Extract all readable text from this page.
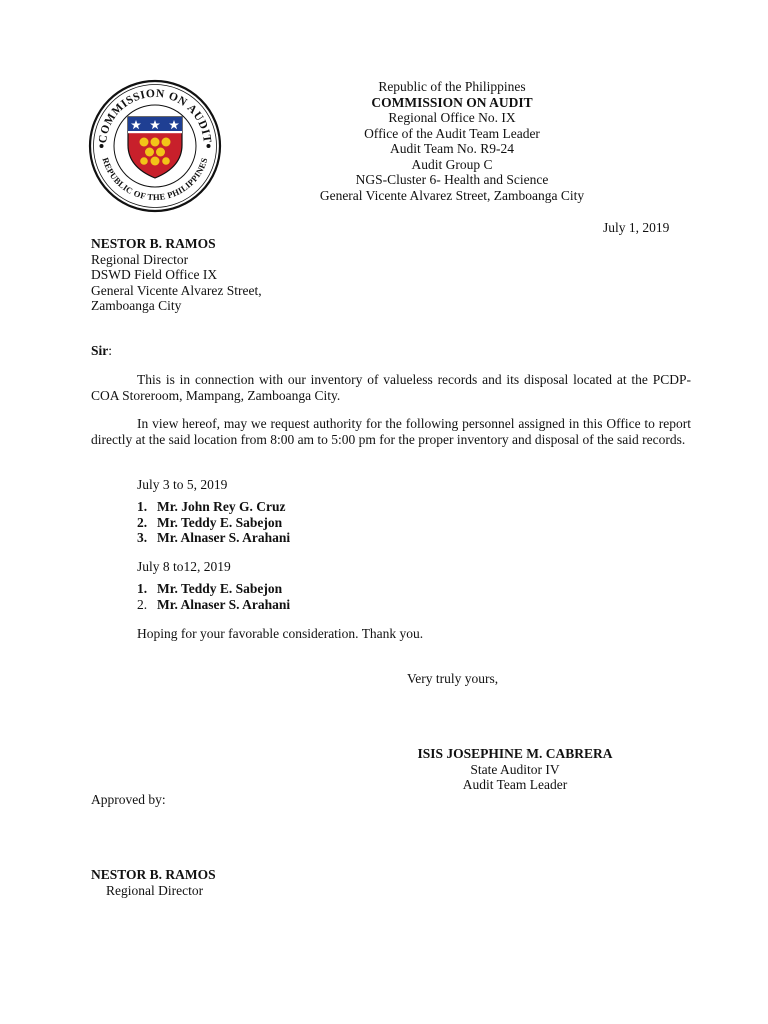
COMMISSION ON AUDIT
REPUBLIC OF THE PHILIPPINES
Republic of the Philippines
COMMISSION ON AUDIT
Regional Office No. IX
Office of the Audit Team Leader
Audit Team No. R9-24
Audit Group C
NGS-Cluster 6- Health and Science
General Vicente Alvarez Street, Zamboanga City
July 1, 2019
NESTOR B. RAMOS
Regional Director
DSWD Field Office IX
General Vicente Alvarez Street,
Zamboanga City
Sir:
This is in connection with our inventory of valueless records and its disposal located at the PCDP-COA Storeroom, Mampang, Zamboanga City.
In view hereof, may we request authority for the following personnel assigned in this Office to report directly at the said location from 8:00 am to 5:00 pm for the proper inventory and disposal of the said records.
July 3 to 5, 2019
1. Mr. John Rey G. Cruz
2. Mr. Teddy E. Sabejon
3. Mr. Alnaser S. Arahani
July 8 to12, 2019
1. Mr. Teddy E. Sabejon
2. Mr. Alnaser S. Arahani
Hoping for your favorable consideration. Thank you.
Very truly yours,
ISIS JOSEPHINE M. CABRERA
State Auditor IV
Audit Team Leader
Approved by:
NESTOR B. RAMOS
Regional Director
